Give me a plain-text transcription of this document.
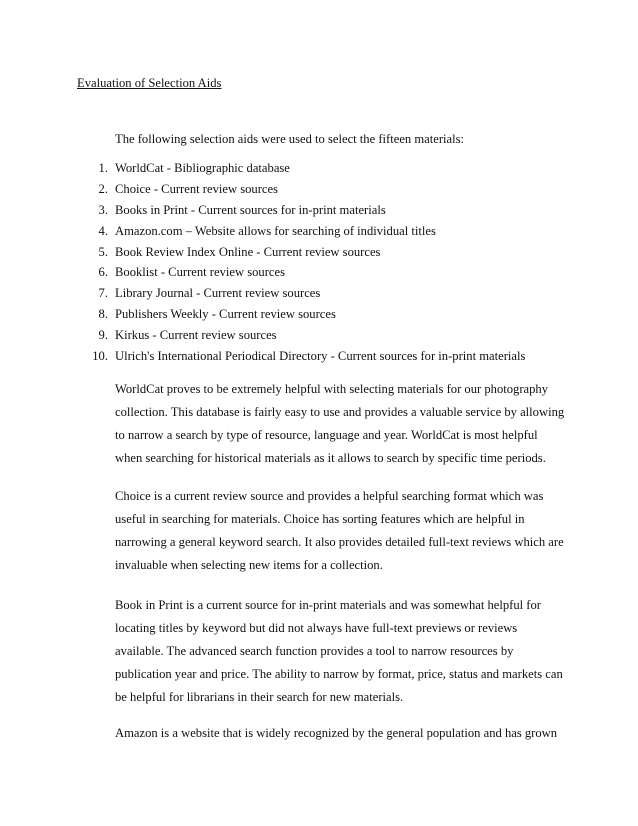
Evaluation of Selection Aids
The following selection aids were used to select the fifteen materials:
1. WorldCat - Bibliographic database
2. Choice - Current review sources
3. Books in Print - Current sources for in-print materials
4. Amazon.com – Website allows for searching of individual titles
5. Book Review Index Online - Current review sources
6. Booklist - Current review sources
7. Library Journal - Current review sources
8. Publishers Weekly - Current review sources
9. Kirkus - Current review sources
10. Ulrich's International Periodical Directory - Current sources for in-print materials
WorldCat proves to be extremely helpful with selecting materials for our photography
collection. This database is fairly easy to use and provides a valuable service by allowing
to narrow a search by type of resource, language and year. WorldCat is most helpful
when searching for historical materials as it allows to search by specific time periods.
Choice is a current review source and provides a helpful searching format which was
useful in searching for materials. Choice has sorting features which are helpful in
narrowing a general keyword search. It also provides detailed full-text reviews which are
invaluable when selecting new items for a collection.
Book in Print is a current source for in-print materials and was somewhat helpful for
locating titles by keyword but did not always have full-text previews or reviews
available. The advanced search function provides a tool to narrow resources by
publication year and price. The ability to narrow by format, price, status and markets can
be helpful for librarians in their search for new materials.
Amazon is a website that is widely recognized by the general population and has grown
